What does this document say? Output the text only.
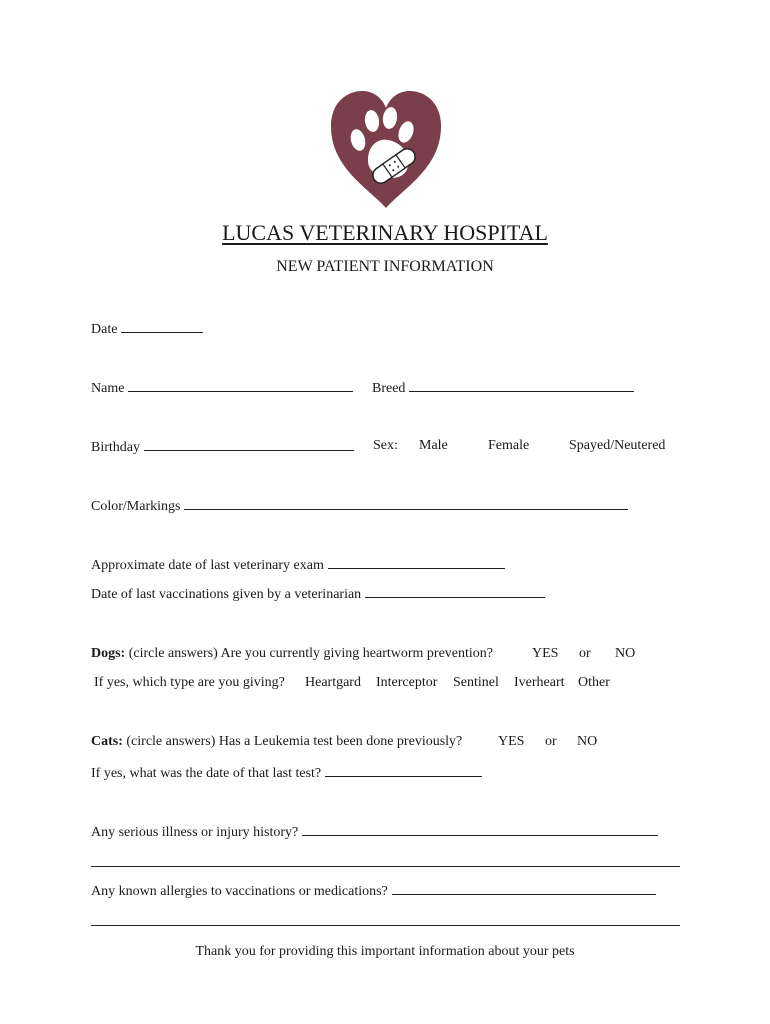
LUCAS VETERINARY HOSPITAL
NEW PATIENT INFORMATION
Date
Name	Breed
Birthday	Sex: Male	Female	Spayed/Neutered
Color/Markings
Approximate date of last veterinary exam
Date of last vaccinations given by a veterinarian
Dogs: (circle answers) Are you currently giving heartworm prevention?	YES or NO
If yes, which type are you giving? Heartgard Interceptor Sentinel Iverheart Other
Cats: (circle answers) Has a Leukemia test been done previously?	YES or NO
If yes, what was the date of that last test?
Any serious illness or injury history?
Any known allergies to vaccinations or medications?
Thank you for providing this important information about your pets
